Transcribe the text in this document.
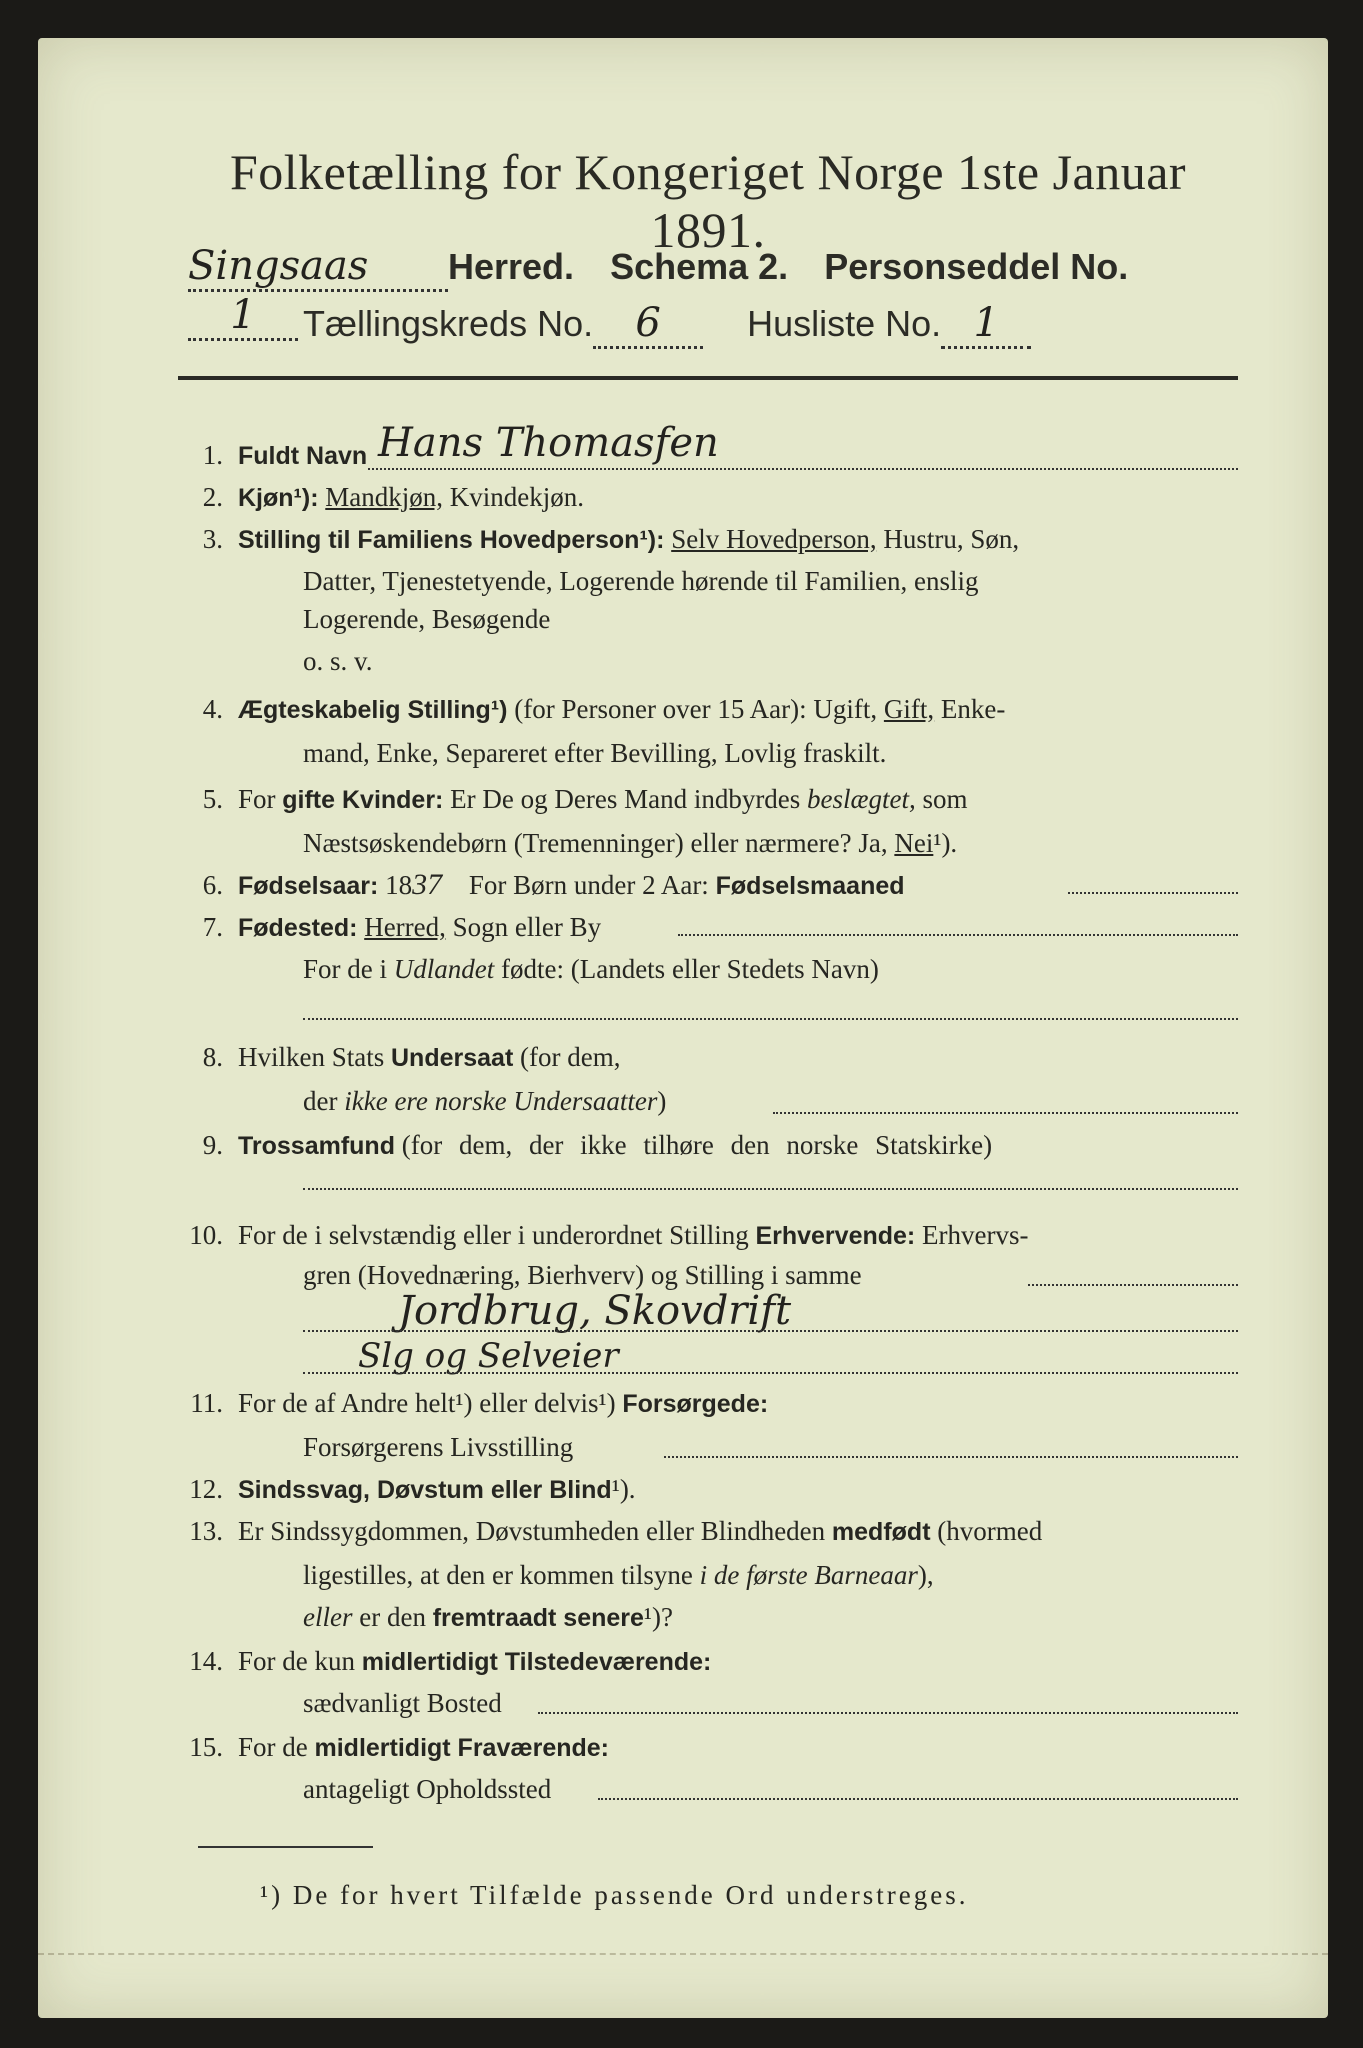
Folketælling for Kongeriget Norge 1ste Januar 1891.
Singsaas Herred. Schema 2. Personseddel No.1	Tællingskreds No. 6 Husliste No. 1
1. Fuldt Navn Hans Thomasfen
2. Kjøn¹): Mandkjøn, Kvindekjøn.
3. Stilling til Familiens Hovedperson¹): Selv Hovedperson, Hustru, Søn,
Datter, Tjenestetyende, Logerende hørende til Familien, enslig
Logerende, Besøgende
o. s. v.
4. Ægteskabelig Stilling¹) (for Personer over 15 Aar): Ugift, Gift, Enke-
mand, Enke, Separeret efter Bevilling, Lovlig fraskilt.
5. For gifte Kvinder: Er De og Deres Mand indbyrdes beslægtet, som
Næstsøskendebørn (Tremenninger) eller nærmere? Ja, Nei¹).
6. Fødselsaar: 1837 For Børn under 2 Aar: Fødselsmaaned
7. Fødested: Herred, Sogn eller By
For de i Udlandet fødte: (Landets eller Stedets Navn)
8. Hvilken Stats Undersaat (for dem,
der ikke ere norske Undersaatter)
9. Trossamfund (for dem, der ikke tilhøre den norske Statskirke)
10. For de i selvstændig eller i underordnet Stilling Erhvervende: Erhvervs-
gren (Hovednæring, Bierhverv) og Stilling i samme
Jordbrug, Skovdrift
Slg og Selveier
11. For de af Andre helt¹) eller delvis¹) Forsørgede:
Forsørgerens Livsstilling
12. Sindssvag, Døvstum eller Blind¹).
13. Er Sindssygdommen, Døvstumheden eller Blindheden medfødt (hvormed
ligestilles, at den er kommen tilsyne i de første Barneaar),
eller er den fremtraadt senere¹)?
14. For de kun midlertidigt Tilstedeværende:
sædvanligt Bosted
15. For de midlertidigt Fraværende:
antageligt Opholdssted
¹) De for hvert Tilfælde passende Ord understreges.
